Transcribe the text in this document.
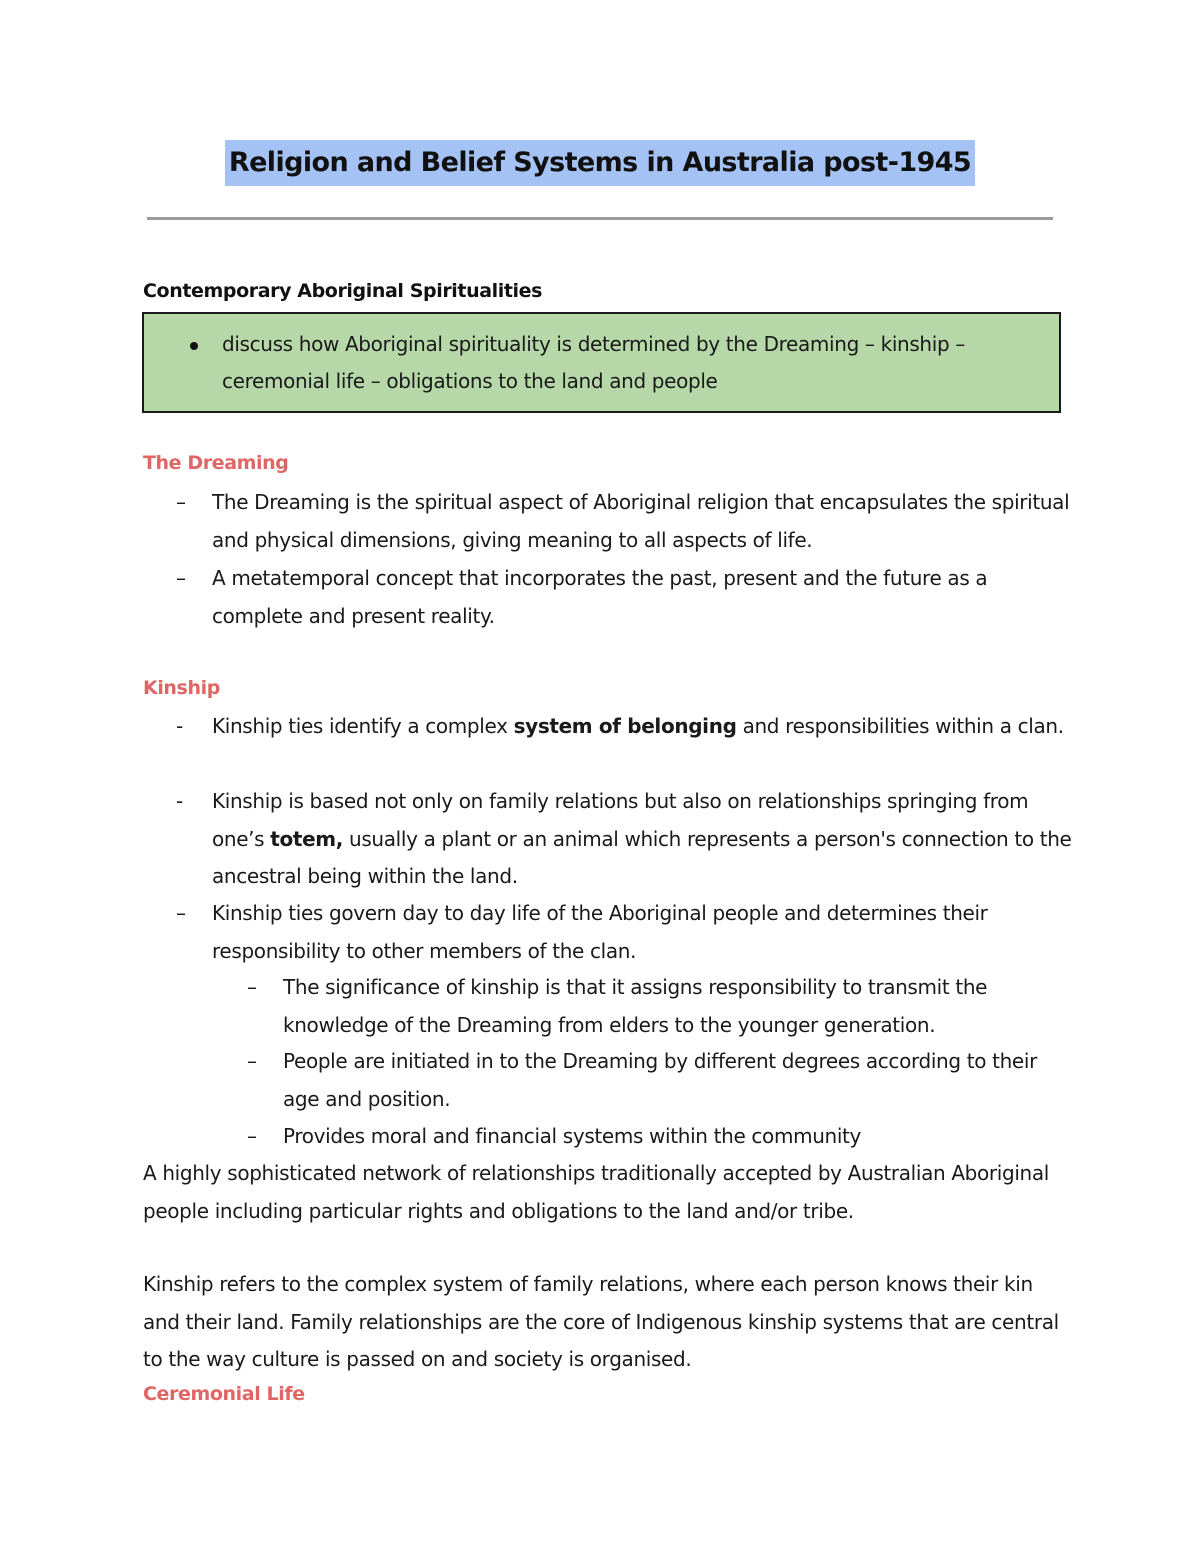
Religion and Belief Systems in Australia post-1945
Contemporary Aboriginal Spiritualities
discuss how Aboriginal spirituality is determined by the Dreaming – kinship – ceremonial life – obligations to the land and people
The Dreaming
– The Dreaming is the spiritual aspect of Aboriginal religion that encapsulates the spiritual and physical dimensions, giving meaning to all aspects of life.
– A metatemporal concept that incorporates the past, present and the future as a complete and present reality.
Kinship
- Kinship ties identify a complex system of belonging and responsibilities within a clan.
- Kinship is based not only on family relations but also on relationships springing from one’s totem, usually a plant or an animal which represents a person's connection to the ancestral being within the land.
– Kinship ties govern day to day life of the Aboriginal people and determines their responsibility to other members of the clan.
– The significance of kinship is that it assigns responsibility to transmit the knowledge of the Dreaming from elders to the younger generation.
– People are initiated in to the Dreaming by different degrees according to their age and position.
– Provides moral and financial systems within the community
A highly sophisticated network of relationships traditionally accepted by Australian Aboriginal people including particular rights and obligations to the land and/or tribe.
Kinship refers to the complex system of family relations, where each person knows their kin and their land. Family relationships are the core of Indigenous kinship systems that are central to the way culture is passed on and society is organised.
Ceremonial Life
